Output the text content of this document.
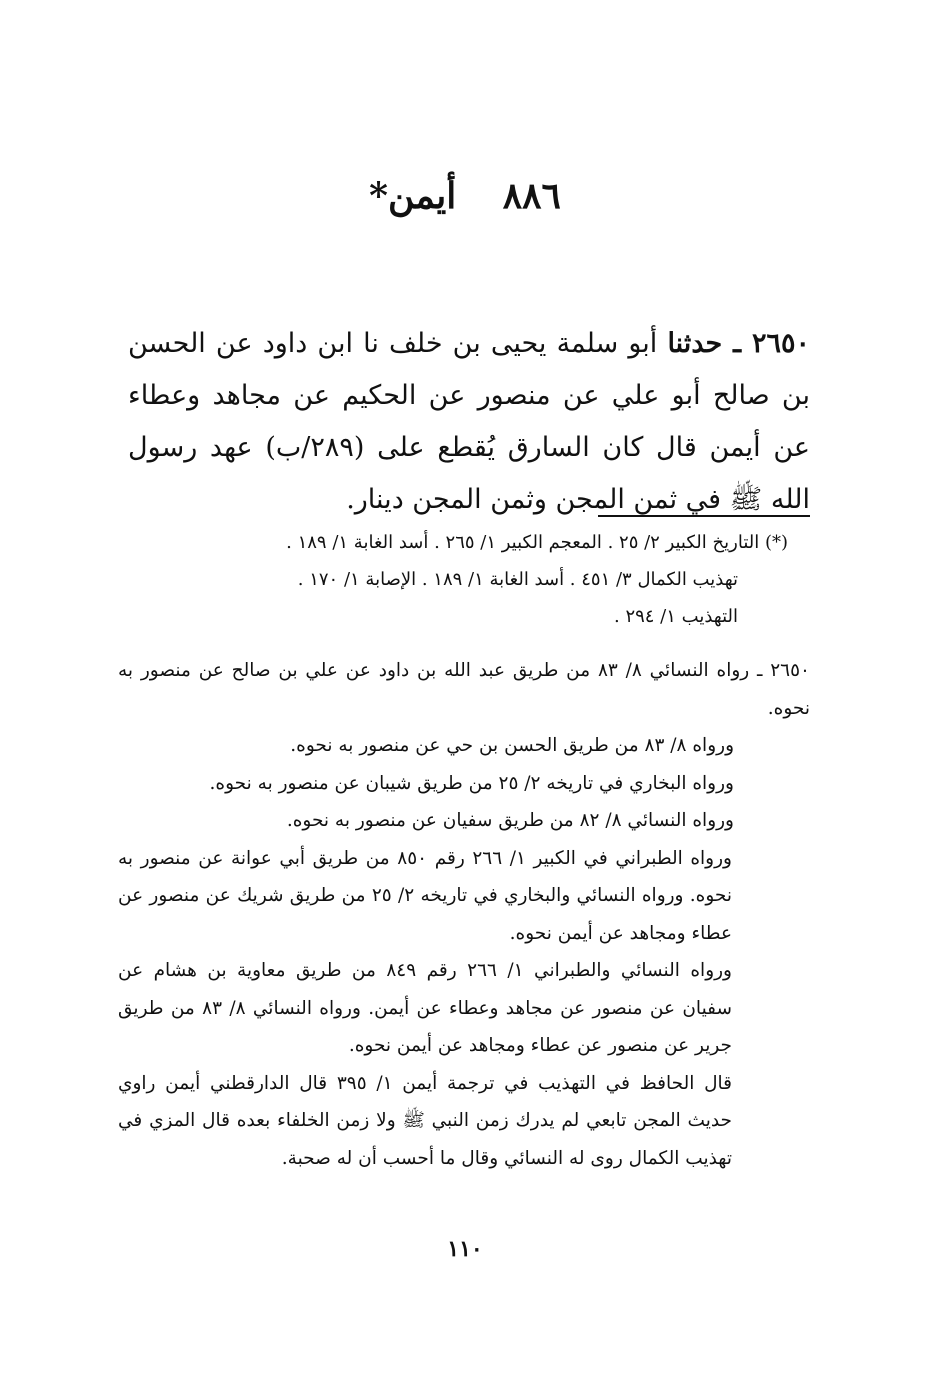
٨٨٦ أيمن*
٢٦٥٠ ـ حدثنا أبو سلمة يحيى بن خلف نا ابن داود عن الحسن بن صالح أبو علي عن منصور عن الحكيم عن مجاهد وعطاء عن أيمن قال كان السارق يُقطع على (٢٨٩/ب) عهد رسول الله ﷺ في ثمن المجن وثمن المجن دينار.

(*) التاريخ الكبير ٢/ ٢٥ . المعجم الكبير ١/ ٢٦٥ . أسد الغابة ١/ ١٨٩ .

تهذيب الكمال ٣/ ٤٥١ . أسد الغابة ١/ ١٨٩ . الإصابة ١/ ١٧٠ .

التهذيب ١/ ٢٩٤ .

٢٦٥٠ ـ رواه النسائي ٨/ ٨٣ من طريق عبد الله بن داود عن علي بن صالح عن منصور به نحوه.

ورواه ٨/ ٨٣ من طريق الحسن بن حي عن منصور به نحوه.

ورواه البخاري في تاريخه ٢/ ٢٥ من طريق شيبان عن منصور به نحوه.

ورواه النسائي ٨/ ٨٢ من طريق سفيان عن منصور به نحوه.

ورواه الطبراني في الكبير ١/ ٢٦٦ رقم ٨٥٠ من طريق أبي عوانة عن منصور به نحوه. ورواه النسائي والبخاري في تاريخه ٢/ ٢٥ من طريق شريك عن منصور عن عطاء ومجاهد عن أيمن نحوه.

ورواه النسائي والطبراني ١/ ٢٦٦ رقم ٨٤٩ من طريق معاوية بن هشام عن سفيان عن منصور عن مجاهد وعطاء عن أيمن. ورواه النسائي ٨/ ٨٣ من طريق جرير عن منصور عن عطاء ومجاهد عن أيمن نحوه.

قال الحافظ في التهذيب في ترجمة أيمن ١/ ٣٩٥ قال الدارقطني أيمن راوي حديث المجن تابعي لم يدرك زمن النبي ﷺ ولا زمن الخلفاء بعده قال المزي في تهذيب الكمال روى له النسائي وقال ما أحسب أن له صحبة.

١١٠
